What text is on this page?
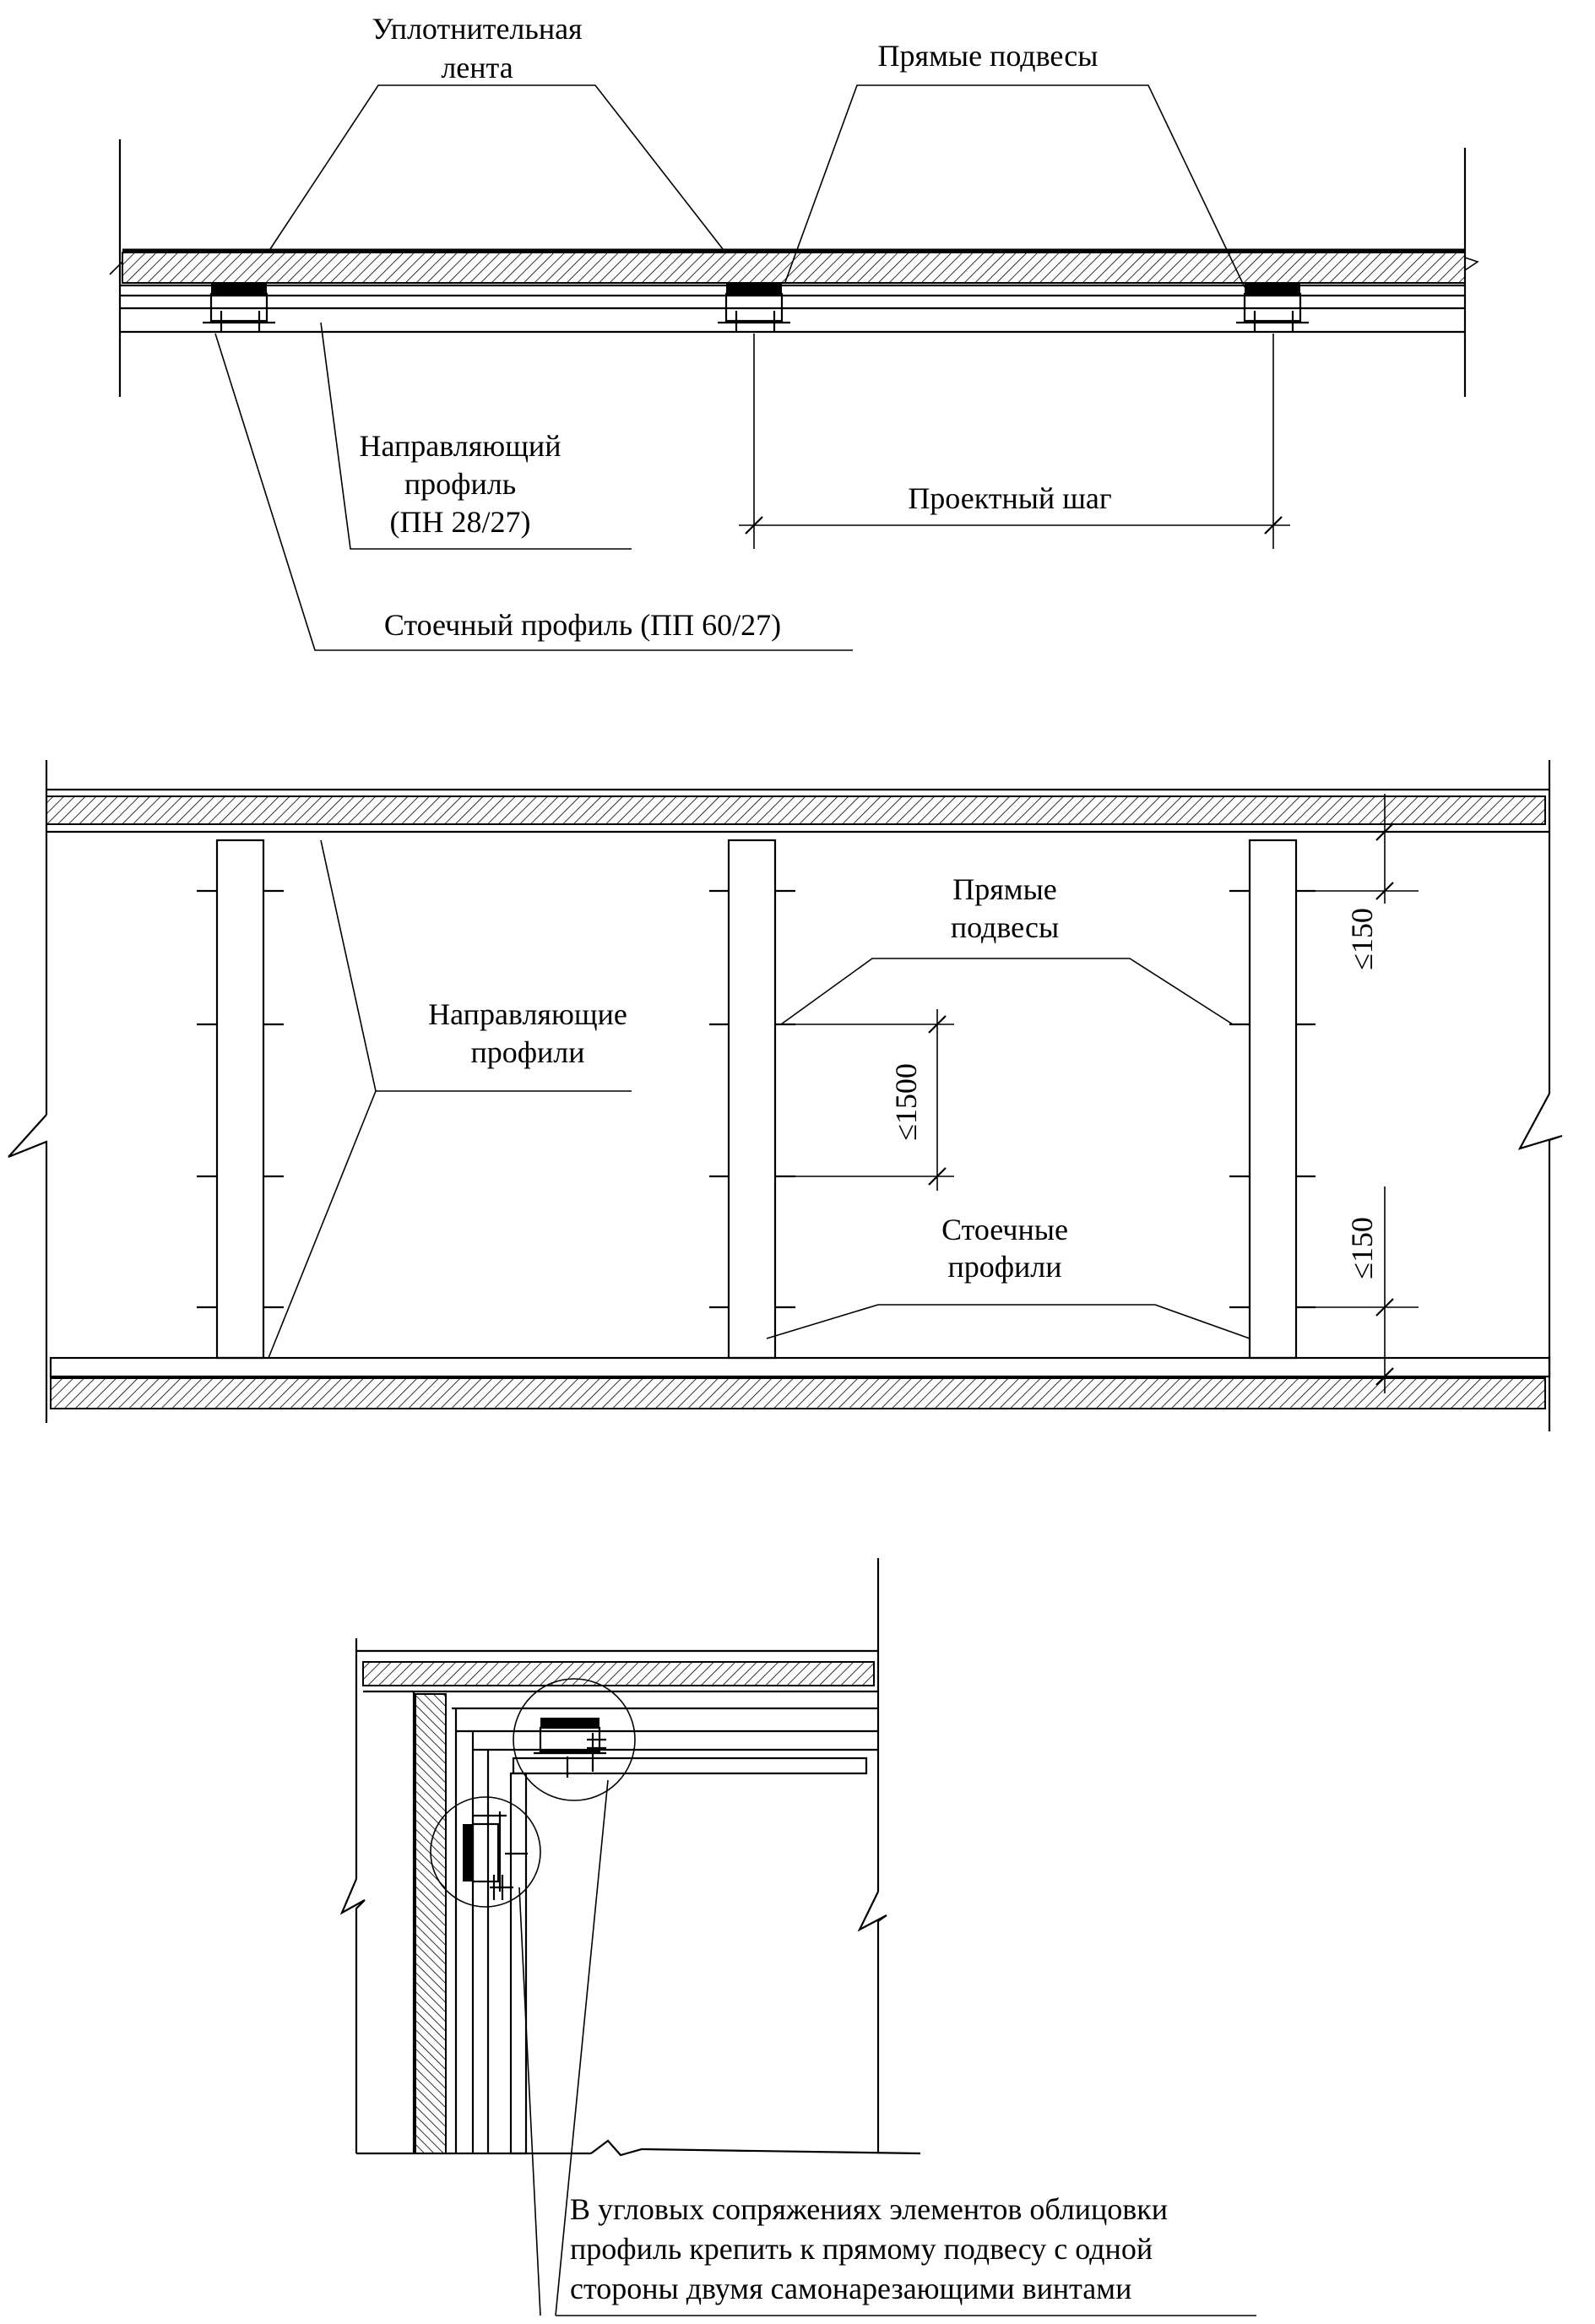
Уплотнительная
лента	Прямые подвесы
Направляющий
профиль
(ПН 28/27)
Стоечный профиль (ПП 60/27)
Проектный шаг
Направляющие
профили
Прямые
подвесы
≤1500
Стоечные
профили
≤150
≤150
В угловых сопряжениях элементов облицовки
профиль крепить к прямому подвесу с одной
стороны двумя самонарезающими винтами
